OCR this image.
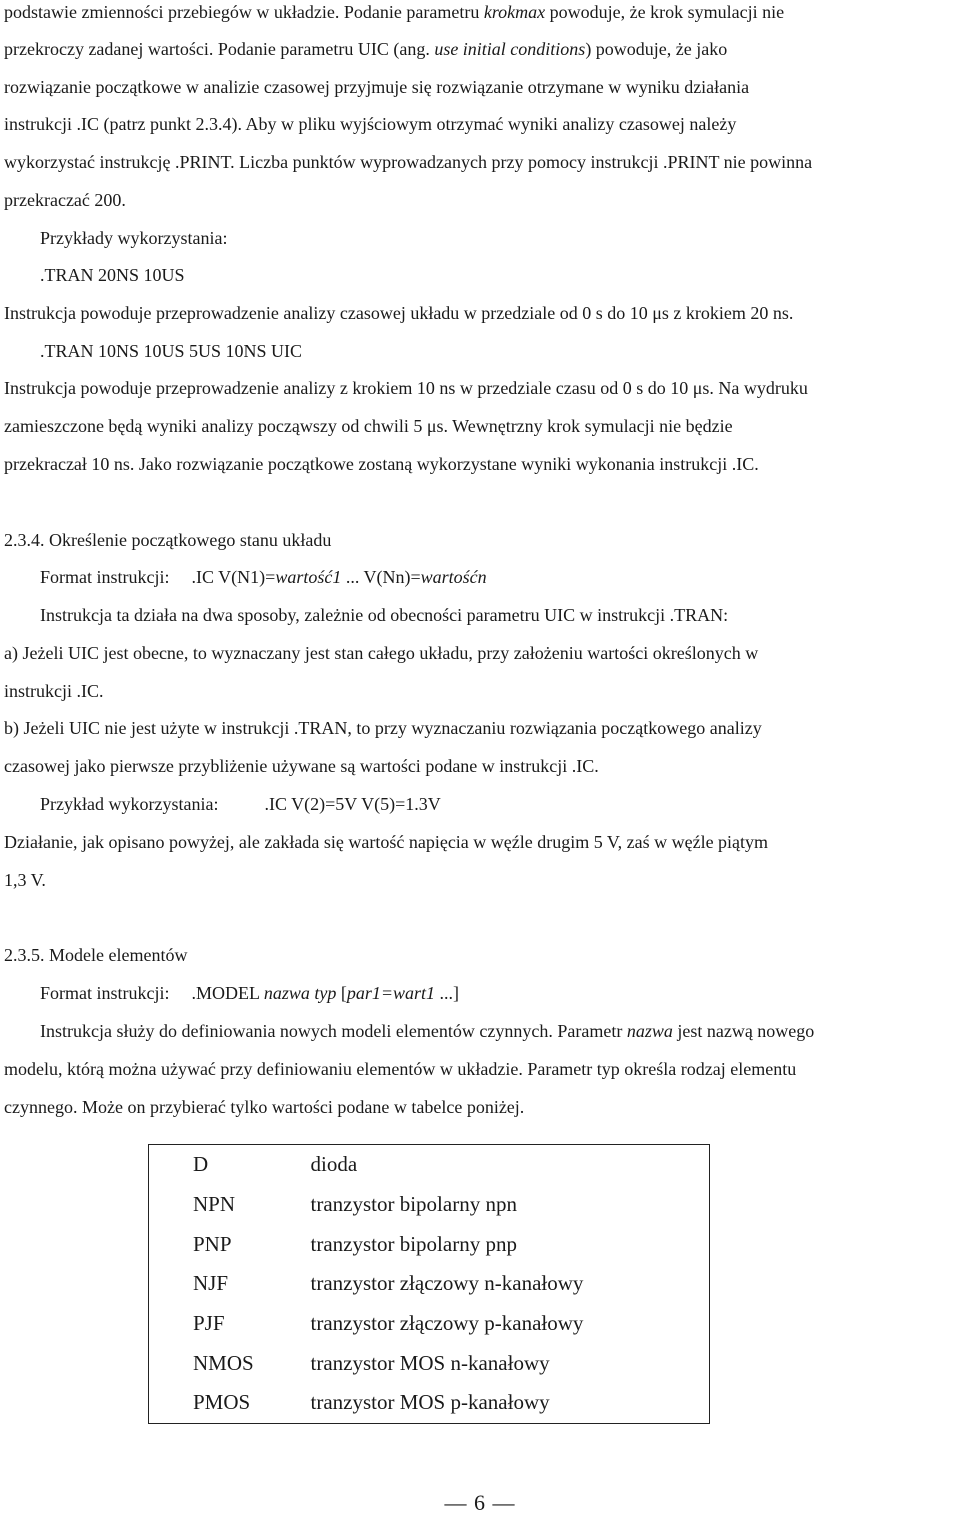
podstawie zmienności przebiegów w układzie. Podanie parametru krokmax powoduje, że krok symulacji nie
przekroczy zadanej wartości. Podanie parametru UIC (ang. use initial conditions) powoduje, że jako
rozwiązanie początkowe w analizie czasowej przyjmuje się rozwiązanie otrzymane w wyniku działania
instrukcji .IC (patrz punkt 2.3.4). Aby w pliku wyjściowym otrzymać wyniki analizy czasowej należy
wykorzystać instrukcję .PRINT. Liczba punktów wyprowadzanych przy pomocy instrukcji .PRINT nie powinna
przekraczać 200.
Przykłady wykorzystania:
.TRAN 20NS 10US
Instrukcja powoduje przeprowadzenie analizy czasowej układu w przedziale od 0 s do 10 μs z krokiem 20 ns.
.TRAN 10NS 10US 5US 10NS UIC
Instrukcja powoduje przeprowadzenie analizy z krokiem 10 ns w przedziale czasu od 0 s do 10 μs. Na wydruku
zamieszczone będą wyniki analizy począwszy od chwili 5 μs. Wewnętrzny krok symulacji nie będzie
przekraczał 10 ns. Jako rozwiązanie początkowe zostaną wykorzystane wyniki wykonania instrukcji .IC.
2.3.4. Określenie początkowego stanu układu
Format instrukcji: .IC V(N1)=wartość1 ... V(Nn)=wartośćn
Instrukcja ta działa na dwa sposoby, zależnie od obecności parametru UIC w instrukcji .TRAN:
a) Jeżeli UIC jest obecne, to wyznaczany jest stan całego układu, przy założeniu wartości określonych w
instrukcji .IC.
b) Jeżeli UIC nie jest użyte w instrukcji .TRAN, to przy wyznaczaniu rozwiązania początkowego analizy
czasowej jako pierwsze przybliżenie używane są wartości podane w instrukcji .IC.
Przykład wykorzystania:	.IC V(2)=5V V(5)=1.3V
Działanie, jak opisano powyżej, ale zakłada się wartość napięcia w węźle drugim 5 V, zaś w węźle piątym
1,3 V.
2.3.5. Modele elementów
Format instrukcji: .MODEL nazwa typ [par1=wart1 ...]
Instrukcja służy do definiowania nowych modeli elementów czynnych. Parametr nazwa jest nazwą nowego
modelu, którą można używać przy definiowaniu elementów w układzie. Parametr typ określa rodzaj elementu
czynnego. Może on przybierać tylko wartości podane w tabelce poniżej.
D	dioda
NPN	tranzystor bipolarny npn
PNP	tranzystor bipolarny pnp
NJF	tranzystor złączowy n-kanałowy
PJF	tranzystor złączowy p-kanałowy
NMOS	tranzystor MOS n-kanałowy
PMOS	tranzystor MOS p-kanałowy
— 6 —
